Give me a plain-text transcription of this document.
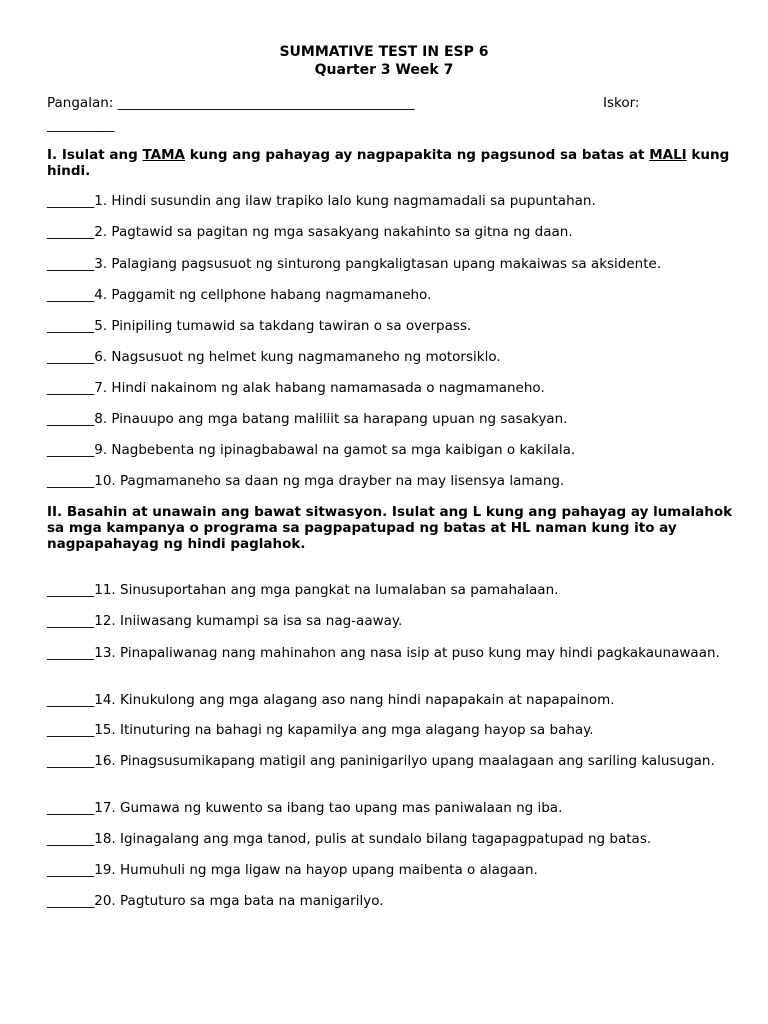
SUMMATIVE TEST IN ESP 6
Quarter 3 Week 7
Pangalan: ____________________________________________	Iskor:
__________
I. Isulat ang TAMA kung ang pahayag ay nagpapakita ng pagsunod sa batas at MALI kung hindi.
_______1. Hindi susundin ang ilaw trapiko lalo kung nagmamadali sa pupuntahan.
_______2. Pagtawid sa pagitan ng mga sasakyang nakahinto sa gitna ng daan.
_______3. Palagiang pagsusuot ng sinturong pangkaligtasan upang makaiwas sa aksidente.
_______4. Paggamit ng cellphone habang nagmamaneho.
_______5. Pinipiling tumawid sa takdang tawiran o sa overpass.
_______6. Nagsusuot ng helmet kung nagmamaneho ng motorsiklo.
_______7. Hindi nakainom ng alak habang namamasada o nagmamaneho.
_______8. Pinauupo ang mga batang maliliit sa harapang upuan ng sasakyan.
_______9. Nagbebenta ng ipinagbabawal na gamot sa mga kaibigan o kakilala.
_______10. Pagmamaneho sa daan ng mga drayber na may lisensya lamang.
II. Basahin at unawain ang bawat sitwasyon. Isulat ang L kung ang pahayag ay lumalahok sa mga kampanya o programa sa pagpapatupad ng batas at HL naman kung ito ay nagpapahayag ng hindi paglahok.
_______11. Sinusuportahan ang mga pangkat na lumalaban sa pamahalaan.
_______12. Iniiwasang kumampi sa isa sa nag-aaway.
_______13. Pinapaliwanag nang mahinahon ang nasa isip at puso kung may hindi pagkakaunawaan.
_______14. Kinukulong ang mga alagang aso nang hindi napapakain at napapainom.
_______15. Itinuturing na bahagi ng kapamilya ang mga alagang hayop sa bahay.
_______16. Pinagsusumikapang matigil ang paninigarilyo upang maalagaan ang sariling kalusugan.
_______17. Gumawa ng kuwento sa ibang tao upang mas paniwalaan ng iba.
_______18. Iginagalang ang mga tanod, pulis at sundalo bilang tagapagpatupad ng batas.
_______19. Humuhuli ng mga ligaw na hayop upang maibenta o alagaan.
_______20. Pagtuturo sa mga bata na manigarilyo.
